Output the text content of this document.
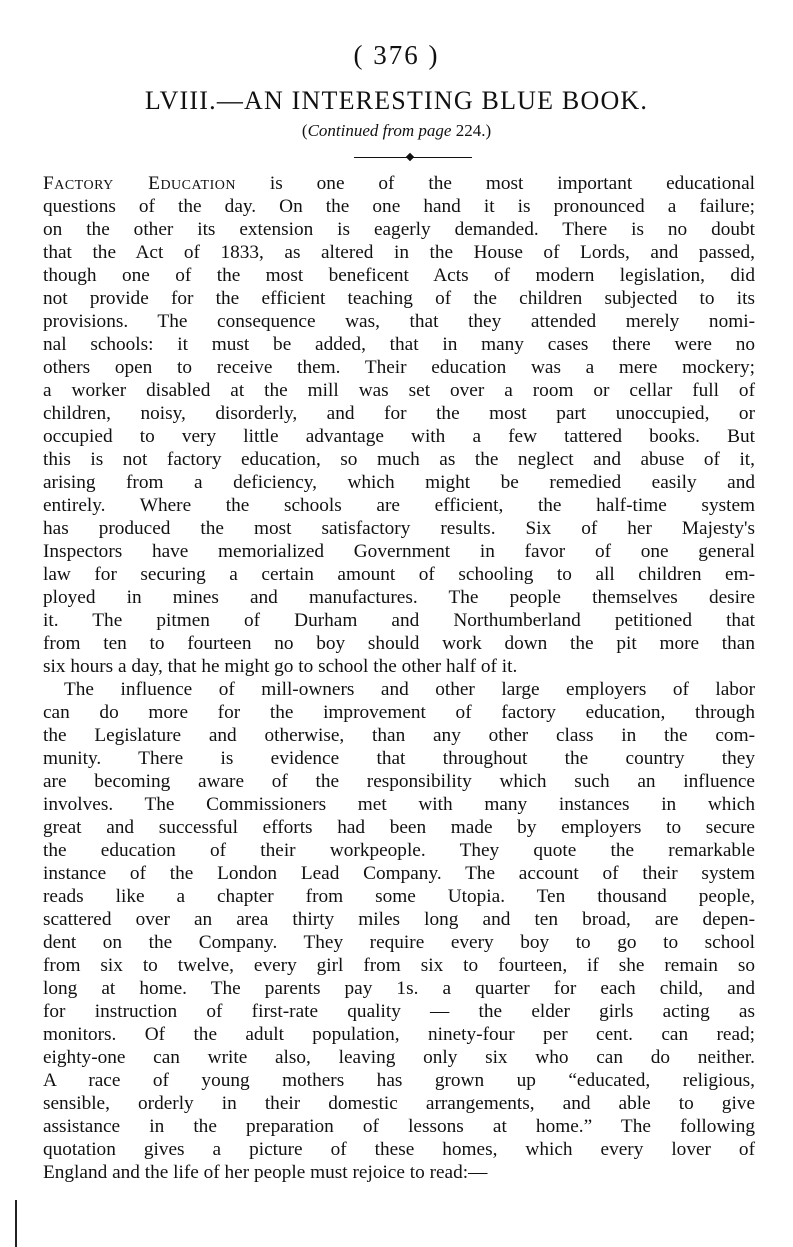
( 376 )
LVIII.—AN INTERESTING BLUE BOOK.
(Continued from page 224.)
Factory Education is one of the most important educational
questions of the day. On the one hand it is pronounced a failure;
on the other its extension is eagerly demanded. There is no doubt
that the Act of 1833, as altered in the House of Lords, and passed,
though one of the most beneficent Acts of modern legislation, did
not provide for the efficient teaching of the children subjected to its
provisions. The consequence was, that they attended merely nomi-
nal schools: it must be added, that in many cases there were no
others open to receive them. Their education was a mere mockery;
a worker disabled at the mill was set over a room or cellar full of
children, noisy, disorderly, and for the most part unoccupied, or
occupied to very little advantage with a few tattered books. But
this is not factory education, so much as the neglect and abuse of it,
arising from a deficiency, which might be remedied easily and
entirely. Where the schools are efficient, the half-time system
has produced the most satisfactory results. Six of her Majesty's
Inspectors have memorialized Government in favor of one general
law for securing a certain amount of schooling to all children em-
ployed in mines and manufactures. The people themselves desire
it. The pitmen of Durham and Northumberland petitioned that
from ten to fourteen no boy should work down the pit more than
six hours a day, that he might go to school the other half of it.
The influence of mill-owners and other large employers of labor
can do more for the improvement of factory education, through
the Legislature and otherwise, than any other class in the com-
munity. There is evidence that throughout the country they
are becoming aware of the responsibility which such an influence
involves. The Commissioners met with many instances in which
great and successful efforts had been made by employers to secure
the education of their workpeople. They quote the remarkable
instance of the London Lead Company. The account of their system
reads like a chapter from some Utopia. Ten thousand people,
scattered over an area thirty miles long and ten broad, are depen-
dent on the Company. They require every boy to go to school
from six to twelve, every girl from six to fourteen, if she remain so
long at home. The parents pay 1s. a quarter for each child, and
for instruction of first-rate quality — the elder girls acting as
monitors. Of the adult population, ninety-four per cent. can read;
eighty-one can write also, leaving only six who can do neither.
A race of young mothers has grown up “educated, religious,
sensible, orderly in their domestic arrangements, and able to give
assistance in the preparation of lessons at home.” The following
quotation gives a picture of these homes, which every lover of
England and the life of her people must rejoice to read:—
